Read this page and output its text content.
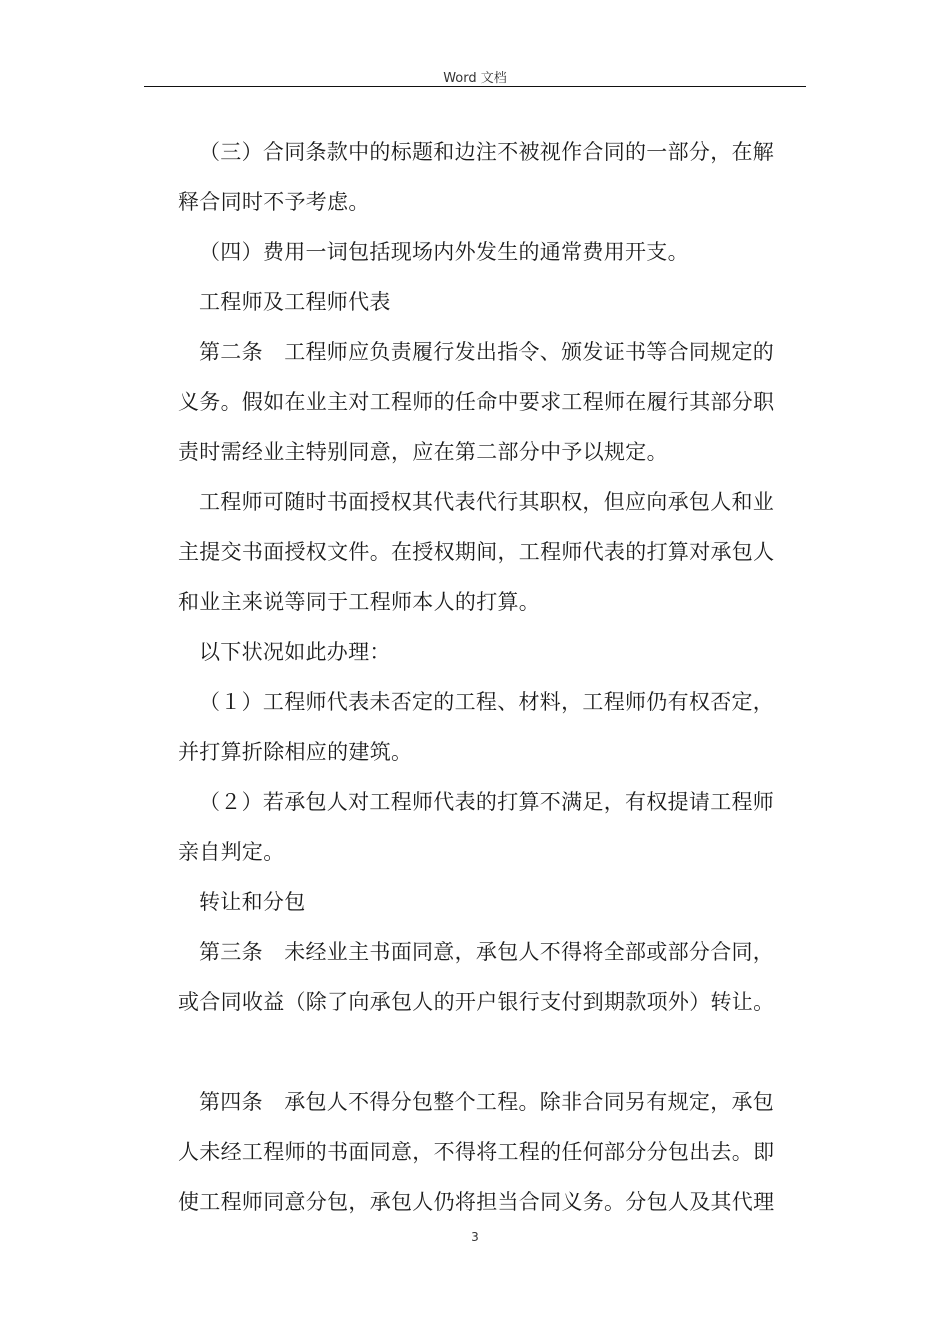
Word 文档
（三）合同条款中的标题和边注不被视作合同的一部分，在解
释合同时不予考虑。
（四）费用一词包括现场内外发生的通常费用开支。
工程师及工程师代表
第二条　工程师应负责履行发出指令、颁发证书等合同规定的
义务。假如在业主对工程师的任命中要求工程师在履行其部分职
责时需经业主特别同意，应在第二部分中予以规定。
工程师可随时书面授权其代表代行其职权，但应向承包人和业
主提交书面授权文件。在授权期间，工程师代表的打算对承包人
和业主来说等同于工程师本人的打算。
以下状况如此办理：
（１）工程师代表未否定的工程、材料，工程师仍有权否定，
并打算折除相应的建筑。
（２）若承包人对工程师代表的打算不满足，有权提请工程师
亲自判定。
转让和分包
第三条　未经业主书面同意，承包人不得将全部或部分合同，
或合同收益（除了向承包人的开户银行支付到期款项外）转让。
第四条　承包人不得分包整个工程。除非合同另有规定，承包
人未经工程师的书面同意，不得将工程的任何部分分包出去。即
使工程师同意分包，承包人仍将担当合同义务。分包人及其代理
3
